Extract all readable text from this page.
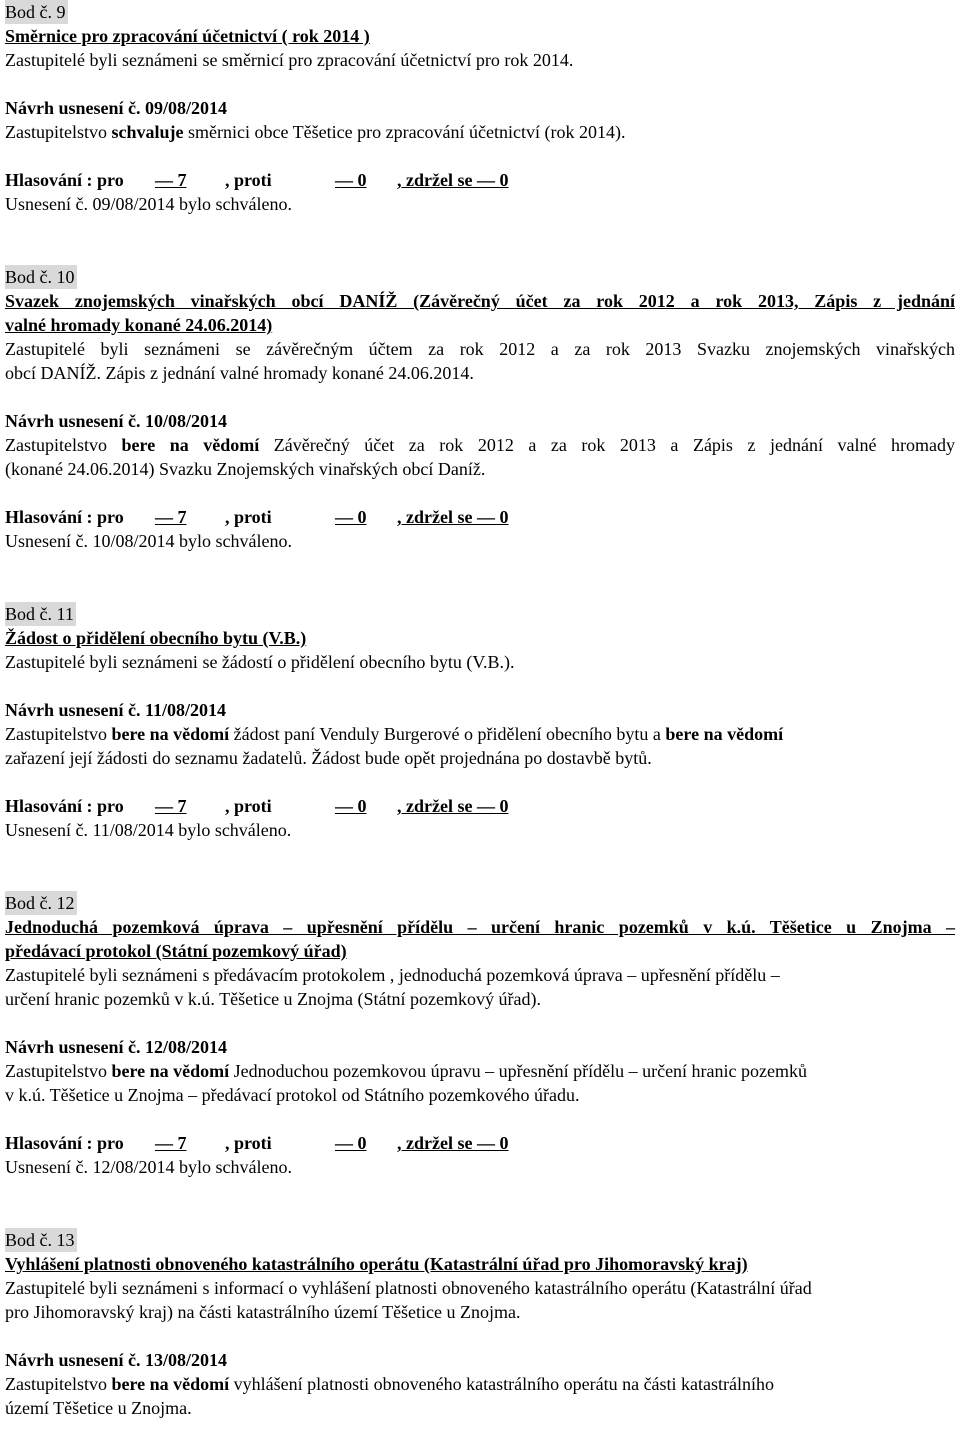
Bod č. 9
Směrnice pro zpracování účetnictví ( rok 2014 )
Zastupitelé byli seznámeni se směrnicí pro zpracování účetnictví pro rok 2014.
Návrh usnesení č. 09/08/2014
Zastupitelstvo schvaluje směrnici obce Těšetice pro zpracování účetnictví (rok 2014).
Hlasování : pro — 7 , proti	— 0 , zdržel se — 0
Usnesení č. 09/08/2014 bylo schváleno.
Bod č. 10
Svazek znojemských vinařských obcí DANÍŽ (Závěrečný účet za rok 2012 a rok 2013, Zápis z jednání
valné hromady konané 24.06.2014)
Zastupitelé byli seznámeni se závěrečným účtem za rok 2012 a za rok 2013 Svazku znojemských vinařských
obcí DANÍŽ. Zápis z jednání valné hromady konané 24.06.2014.
Návrh usnesení č. 10/08/2014
Zastupitelstvo bere na vědomí Závěrečný účet za rok 2012 a za rok 2013 a Zápis z jednání valné hromady
(konané 24.06.2014) Svazku Znojemských vinařských obcí Daníž.
Hlasování : pro — 7 , proti	— 0 , zdržel se — 0
Usnesení č. 10/08/2014 bylo schváleno.
Bod č. 11
Žádost o přidělení obecního bytu (V.B.)
Zastupitelé byli seznámeni se žádostí o přidělení obecního bytu (V.B.).
Návrh usnesení č. 11/08/2014
Zastupitelstvo bere na vědomí žádost paní Venduly Burgerové o přidělení obecního bytu a bere na vědomí
zařazení její žádosti do seznamu žadatelů. Žádost bude opět projednána po dostavbě bytů.
Hlasování : pro — 7 , proti	— 0 , zdržel se — 0
Usnesení č. 11/08/2014 bylo schváleno.
Bod č. 12
Jednoduchá pozemková úprava – upřesnění přídělu – určení hranic pozemků v k.ú. Těšetice u Znojma –
předávací protokol (Státní pozemkový úřad)
Zastupitelé byli seznámeni s předávacím protokolem , jednoduchá pozemková úprava – upřesnění přídělu –
určení hranic pozemků v k.ú. Těšetice u Znojma (Státní pozemkový úřad).
Návrh usnesení č. 12/08/2014
Zastupitelstvo bere na vědomí Jednoduchou pozemkovou úpravu – upřesnění přídělu – určení hranic pozemků
v k.ú. Těšetice u Znojma – předávací protokol od Státního pozemkového úřadu.
Hlasování : pro — 7 , proti	— 0 , zdržel se — 0
Usnesení č. 12/08/2014 bylo schváleno.
Bod č. 13
Vyhlášení platnosti obnoveného katastrálního operátu (Katastrální úřad pro Jihomoravský kraj)
Zastupitelé byli seznámeni s informací o vyhlášení platnosti obnoveného katastrálního operátu (Katastrální úřad
pro Jihomoravský kraj) na části katastrálního území Těšetice u Znojma.
Návrh usnesení č. 13/08/2014
Zastupitelstvo bere na vědomí vyhlášení platnosti obnoveného katastrálního operátu na části katastrálního
území Těšetice u Znojma.
